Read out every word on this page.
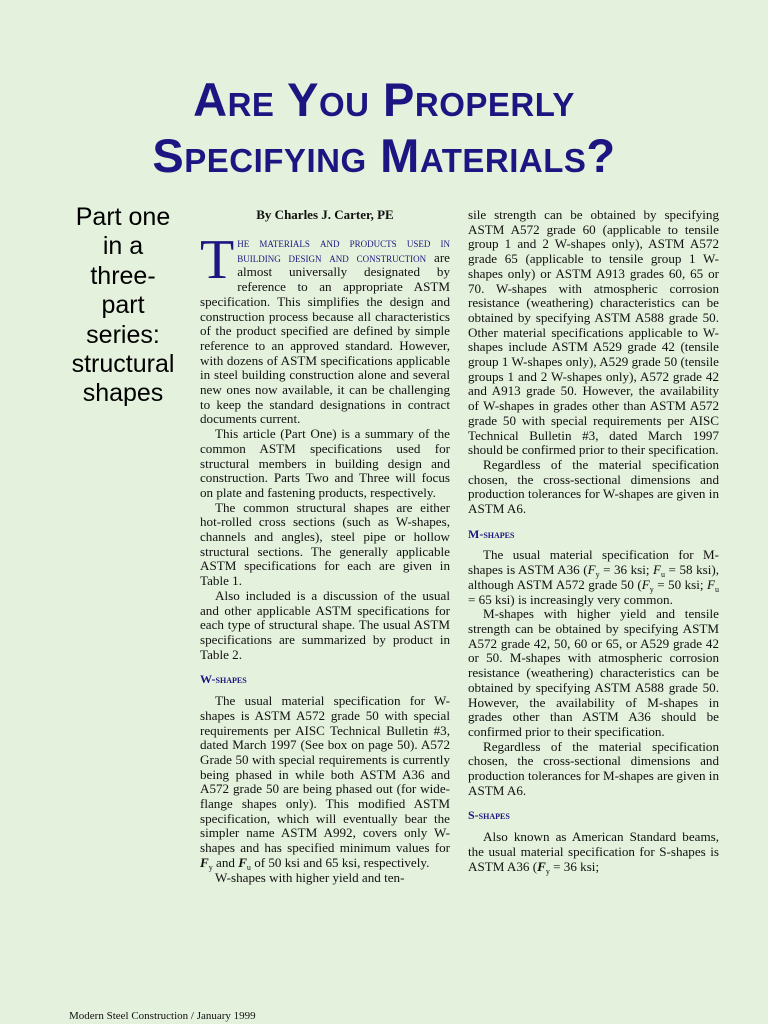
Are You Properly
Specifying Materials?
Part one
in a
three-
part
series:
structural
shapes
By Charles J. Carter, PE

The materials and products used in building design and construction are almost universally designated by reference to an appropriate ASTM specification. This simplifies the design and construction process because all characteristics of the product specified are defined by simple reference to an approved standard. However, with dozens of ASTM specifications applicable in steel building construction alone and several new ones now available, it can be challenging to keep the standard designations in contract documents current.

This article (Part One) is a summary of the common ASTM specifications used for structural members in building design and construction. Parts Two and Three will focus on plate and fastening products, respectively.

The common structural shapes are either hot-rolled cross sections (such as W-shapes, channels and angles), steel pipe or hollow structural sections. The generally applicable ASTM specifications for each are given in Table 1.

Also included is a discussion of the usual and other applicable ASTM specifications for each type of structural shape. The usual ASTM specifications are summarized by product in Table 2.

W-shapes

The usual material specification for W-shapes is ASTM A572 grade 50 with special requirements per AISC Technical Bulletin #3, dated March 1997 (See box on page 50). A572 Grade 50 with special requirements is currently being phased in while both ASTM A36 and A572 grade 50 are being phased out (for wide-flange shapes only). This modified ASTM specification, which will eventually bear the simpler name ASTM A992, covers only W-shapes and has specified minimum values for $F_y$ and $F_u$ of 50 ksi and 65 ksi, respectively.

W-shapes with higher yield and ten-

sile strength can be obtained by specifying ASTM A572 grade 60 (applicable to tensile group 1 and 2 W-shapes only), ASTM A572 grade 65 (applicable to tensile group 1 W-shapes only) or ASTM A913 grades 60, 65 or 70. W-shapes with atmospheric corrosion resistance (weathering) characteristics can be obtained by specifying ASTM A588 grade 50. Other material specifications applicable to W-shapes include ASTM A529 grade 42 (tensile group 1 W-shapes only), A529 grade 50 (tensile groups 1 and 2 W-shapes only), A572 grade 42 and A913 grade 50. However, the availability of W-shapes in grades other than ASTM A572 grade 50 with special requirements per AISC Technical Bulletin #3, dated March 1997 should be confirmed prior to their specification.

Regardless of the material specification chosen, the cross-sectional dimensions and production tolerances for W-shapes are given in ASTM A6.

M-shapes

The usual material specification for M-shapes is ASTM A36 ($F_y = 36$ ksi; $F_u = 58$ ksi), although ASTM A572 grade 50 ($F_y = 50$ ksi; $F_u = 65$ ksi) is increasingly very common.

M-shapes with higher yield and tensile strength can be obtained by specifying ASTM A572 grade 42, 50, 60 or 65, or A529 grade 42 or 50. M-shapes with atmospheric corrosion resistance (weathering) characteristics can be obtained by specifying ASTM A588 grade 50. However, the availability of M-shapes in grades other than ASTM A36 should be confirmed prior to their specification.

Regardless of the material specification chosen, the cross-sectional dimensions and production tolerances for M-shapes are given in ASTM A6.

S-shapes

Also known as American Standard beams, the usual material specification for S-shapes is ASTM A36 ($F_y = 36$ ksi;

Modern Steel Construction / January 1999
